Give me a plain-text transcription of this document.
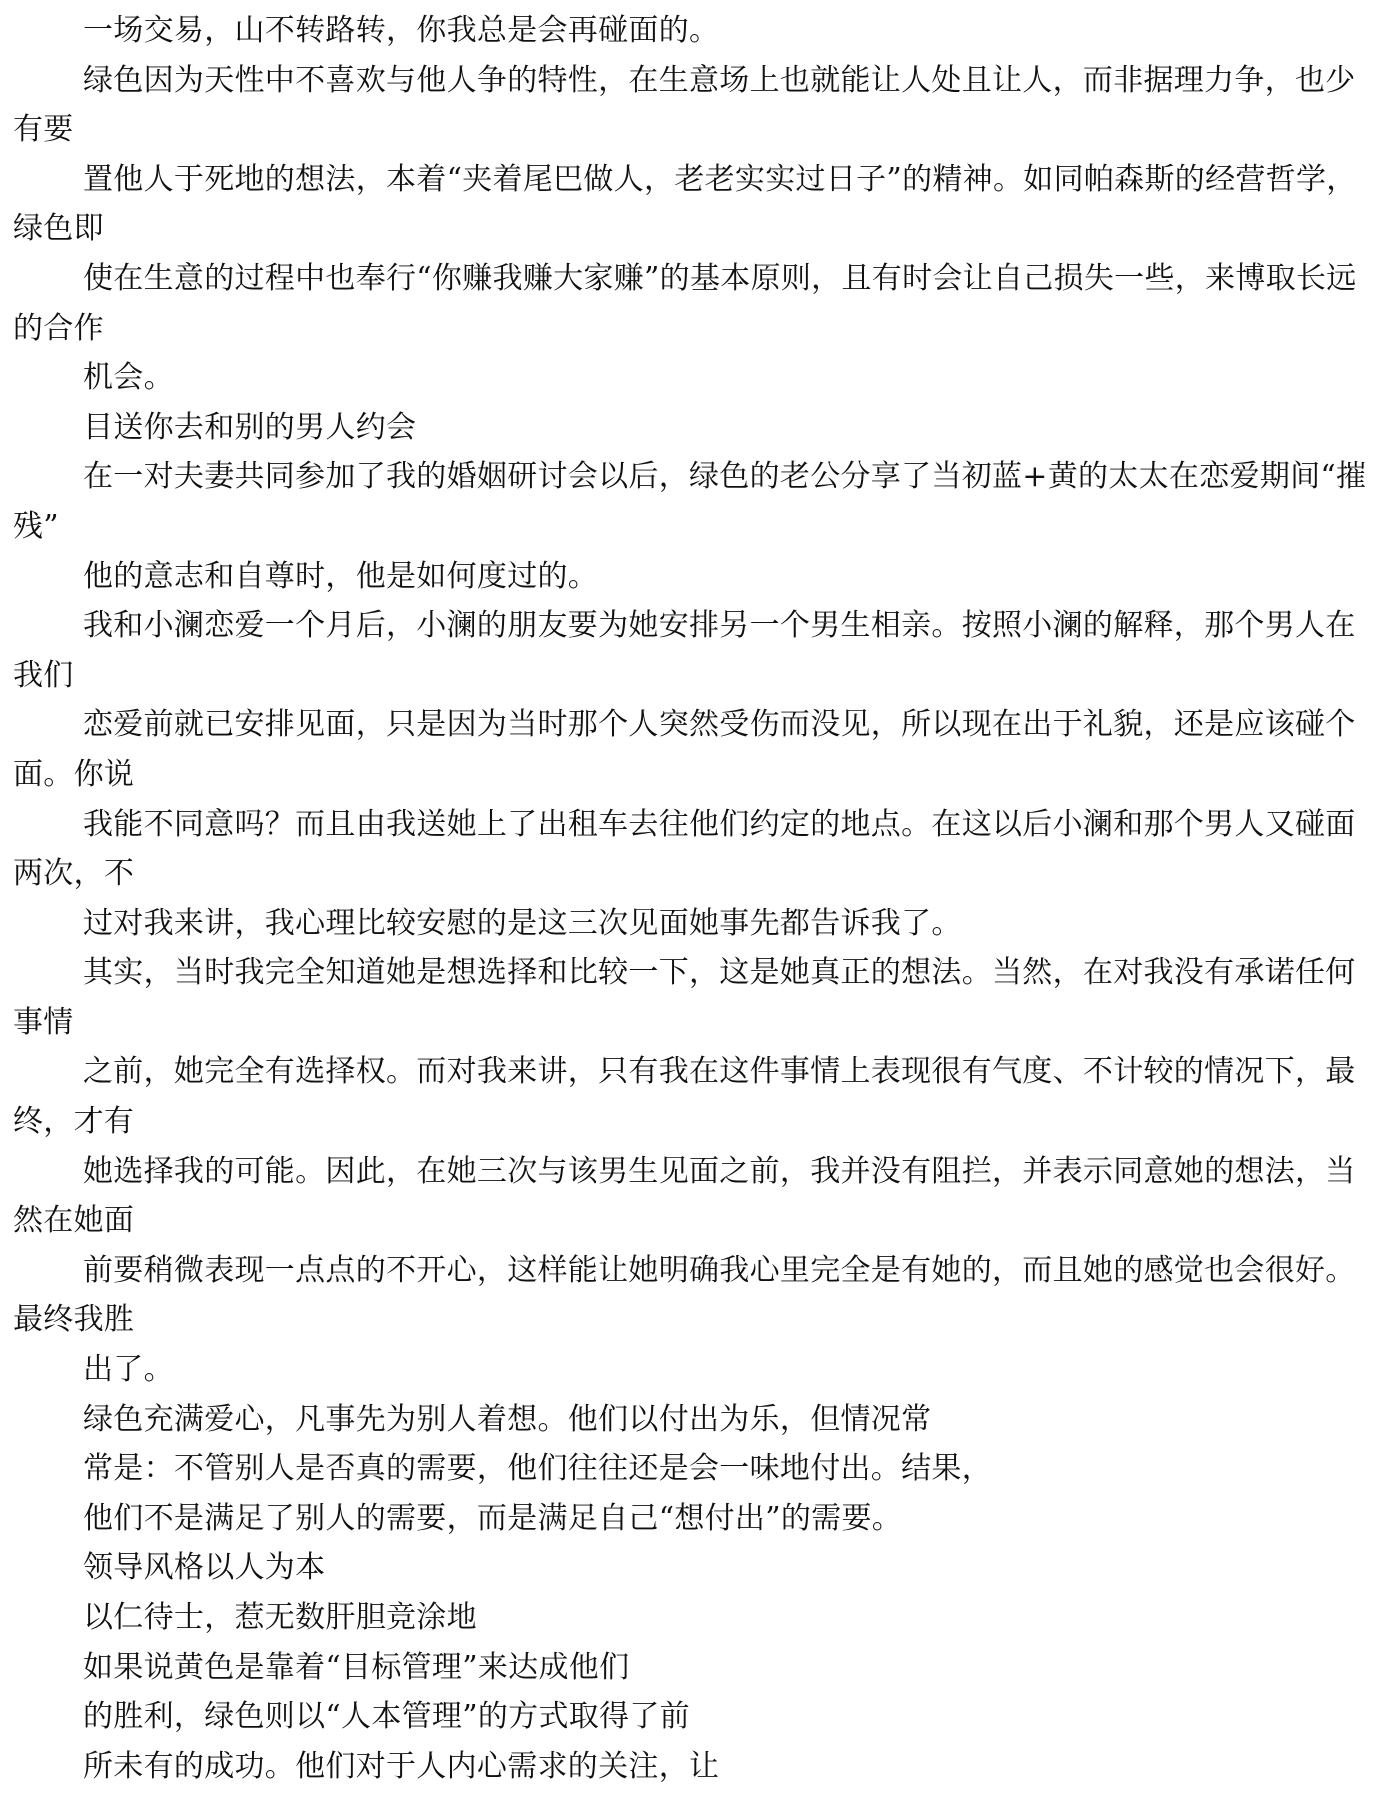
一场交易，山不转路转，你我总是会再碰面的。

绿色因为天性中不喜欢与他人争的特性，在生意场上也就能让人处且让人，而非据理力争，也少有要

置他人于死地的想法，本着“夹着尾巴做人，老老实实过日子”的精神。如同帕森斯的经营哲学，绿色即

使在生意的过程中也奉行“你赚我赚大家赚”的基本原则，且有时会让自己损失一些，来博取长远的合作

机会。

目送你去和别的男人约会

在一对夫妻共同参加了我的婚姻研讨会以后，绿色的老公分享了当初蓝+黄的太太在恋爱期间“摧残”

他的意志和自尊时，他是如何度过的。

我和小澜恋爱一个月后，小澜的朋友要为她安排另一个男生相亲。按照小澜的解释，那个男人在我们

恋爱前就已安排见面，只是因为当时那个人突然受伤而没见，所以现在出于礼貌，还是应该碰个面。你说

我能不同意吗？而且由我送她上了出租车去往他们约定的地点。在这以后小澜和那个男人又碰面两次，不

过对我来讲，我心理比较安慰的是这三次见面她事先都告诉我了。

其实，当时我完全知道她是想选择和比较一下，这是她真正的想法。当然，在对我没有承诺任何事情

之前，她完全有选择权。而对我来讲，只有我在这件事情上表现很有气度、不计较的情况下，最终，才有

她选择我的可能。因此，在她三次与该男生见面之前，我并没有阻拦，并表示同意她的想法，当然在她面

前要稍微表现一点点的不开心，这样能让她明确我心里完全是有她的，而且她的感觉也会很好。最终我胜

出了。

绿色充满爱心，凡事先为别人着想。他们以付出为乐，但情况常

常是：不管别人是否真的需要，他们往往还是会一味地付出。结果，

他们不是满足了别人的需要，而是满足自己“想付出”的需要。

领导风格以人为本

以仁待士，惹无数肝胆竞涂地

如果说黄色是靠着“目标管理”来达成他们

的胜利，绿色则以“人本管理”的方式取得了前

所未有的成功。他们对于人内心需求的关注，让
